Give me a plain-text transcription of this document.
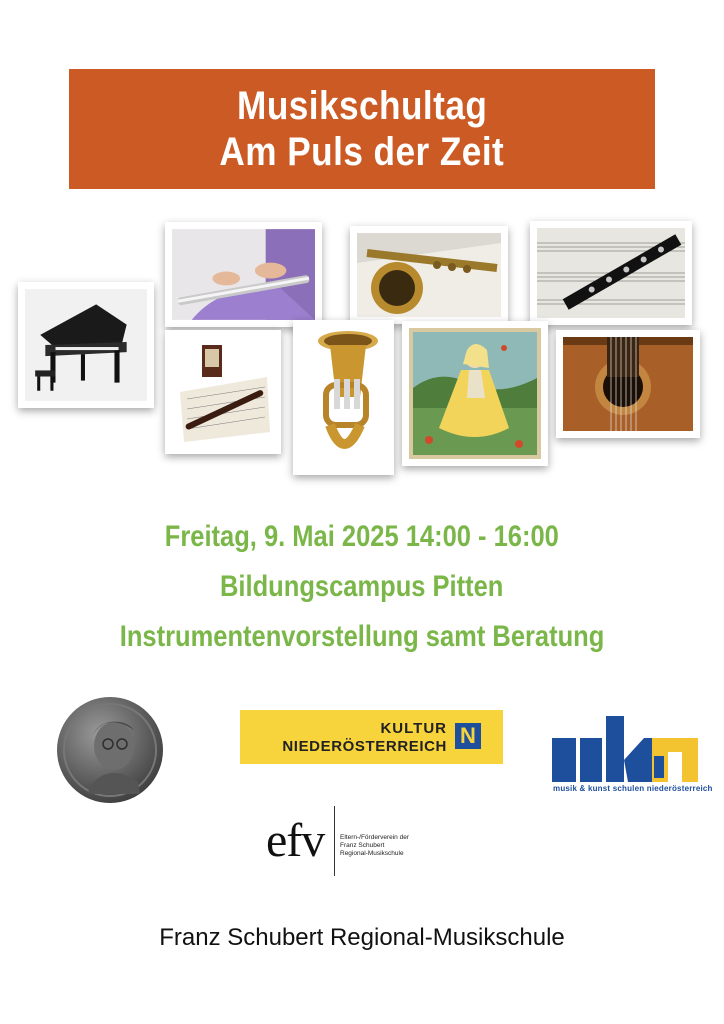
Musikschultag
Am Puls der Zeit
Freitag, 9. Mai 2025 14:00 - 16:00
Bildungscampus Pitten
Instrumentenvorstellung samt Beratung
KULTUR
NIEDERÖSTERREICH N
musik & kunst schulen niederösterreich
efv Eltern-/Förderverein der
Franz Schubert
Regional-Musikschule
Franz Schubert Regional-Musikschule
